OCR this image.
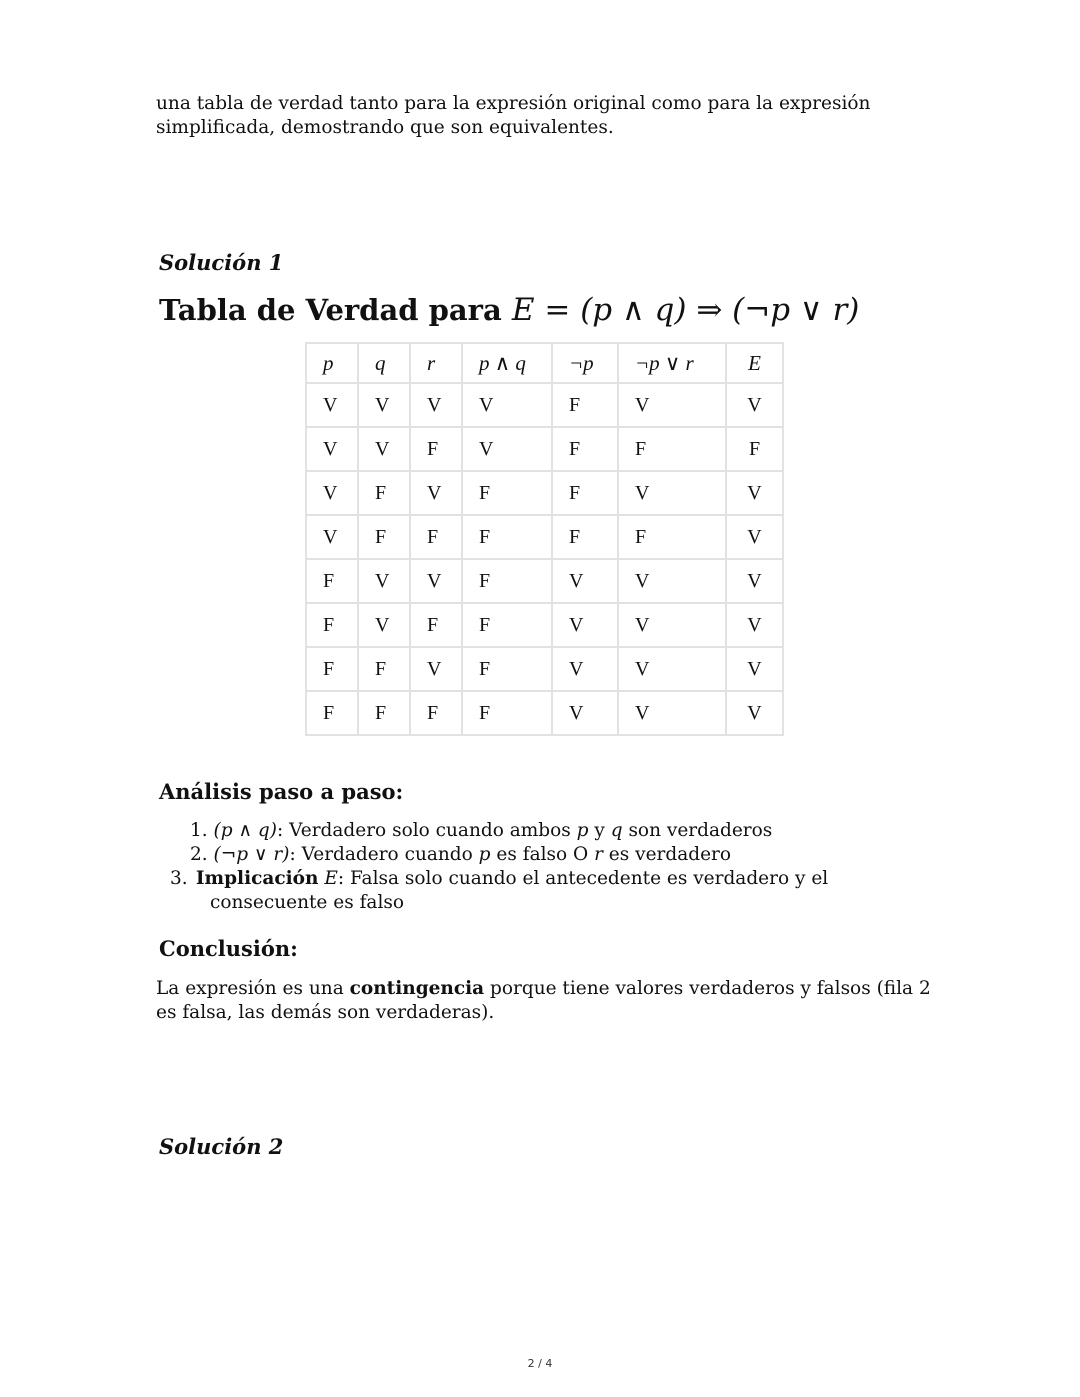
una tabla de verdad tanto para la expresión original como para la expresión simplificada, demostrando que son equivalentes.

Solución 1

Tabla de Verdad para E = (p ∧ q) ⇒ (¬p ∨ r)
p	q	r	p ∧ q	¬p	¬p ∨ r	E
V	V	V	V	F	V	V
V	V	F	V	F	F	F
V	F	V	F	F	V	V
V	F	F	F	F	F	V
F	V	V	F	V	V	V
F	V	F	F	V	V	V
F	F	V	F	V	V	V
F	F	F	F	V	V	V
Análisis paso a paso:
1. (p ∧ q): Verdadero solo cuando ambos p y q son verdaderos
2. (¬p ∨ r): Verdadero cuando p es falso O r es verdadero
3. Implicación E: Falsa solo cuando el antecedente es verdadero y el consecuente es falso
Conclusión:

La expresión es una contingencia porque tiene valores verdaderos y falsos (fila 2 es falsa, las demás son verdaderas).

Solución 2

2 / 4
